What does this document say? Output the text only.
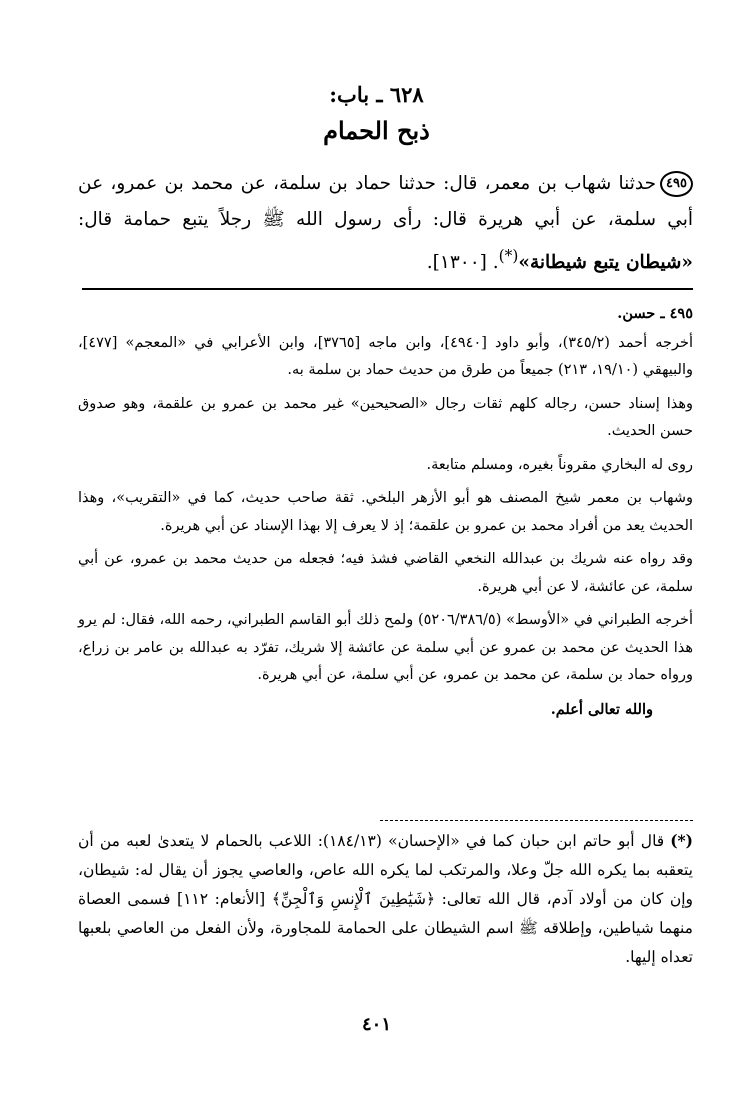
٦٢٨ ـ باب:
ذبح الحمام
٤٩٥حدثنا شهاب بن معمر، قال: حدثنا حماد بن سلمة، عن محمد بن عمرو، عن أبي سلمة، عن أبي هريرة قال: رأى رسول الله ﷺ رجلاً يتبع حمامة قال: «شيطان يتبع شيطانة»(*). [١٣٠٠].

٤٩٥ ـ حسن.

أخرجه أحمد (٣٤٥/٢)، وأبو داود [٤٩٤٠]، وابن ماجه [٣٧٦٥]، وابن الأعرابي في «المعجم» [٤٧٧]، والبيهقي (١٩/١٠، ٢١٣) جميعاً من طرق من حديث حماد بن سلمة به.

وهذا إسناد حسن، رجاله كلهم ثقات رجال «الصحيحين» غير محمد بن عمرو بن علقمة، وهو صدوق حسن الحديث.

روى له البخاري مقروناً بغيره، ومسلم متابعة.

وشهاب بن معمر شيخ المصنف هو أبو الأزهر البلخي. ثقة صاحب حديث، كما في «التقريب»، وهذا الحديث يعد من أفراد محمد بن عمرو بن علقمة؛ إذ لا يعرف إلا بهذا الإسناد عن أبي هريرة.

وقد رواه عنه شريك بن عبدالله النخعي القاضي فشذ فيه؛ فجعله من حديث محمد بن عمرو، عن أبي سلمة، عن عائشة، لا عن أبي هريرة.

أخرجه الطبراني في «الأوسط» (٥٢٠٦/٣٨٦/٥) ولمح ذلك أبو القاسم الطبراني، رحمه الله، فقال: لم يرو هذا الحديث عن محمد بن عمرو عن أبي سلمة عن عائشة إلا شريك، تفرّد به عبدالله بن عامر بن زراع، ورواه حماد بن سلمة، عن محمد بن عمرو، عن أبي سلمة، عن أبي هريرة.

والله تعالى أعلم.

(*)قال أبو حاتم ابن حبان كما في «الإحسان» (١٨٤/١٣): اللاعب بالحمام لا يتعدىٰ لعبه من أن يتعقبه بما يكره الله جلّ وعلا، والمرتكب لما يكره الله عاص، والعاصي يجوز أن يقال له: شيطان، وإن كان من أولاد آدم، قال الله تعالى: ﴿شَيَٰطِينَ ٱلْإِنسِ وَٱلْجِنِّ﴾ [الأنعام: ١١٢] فسمى العصاة منهما شياطين، وإطلاقه ﷺ اسم الشيطان على الحمامة للمجاورة، ولأن الفعل من العاصي بلعبها تعداه إليها.
٤٠١
